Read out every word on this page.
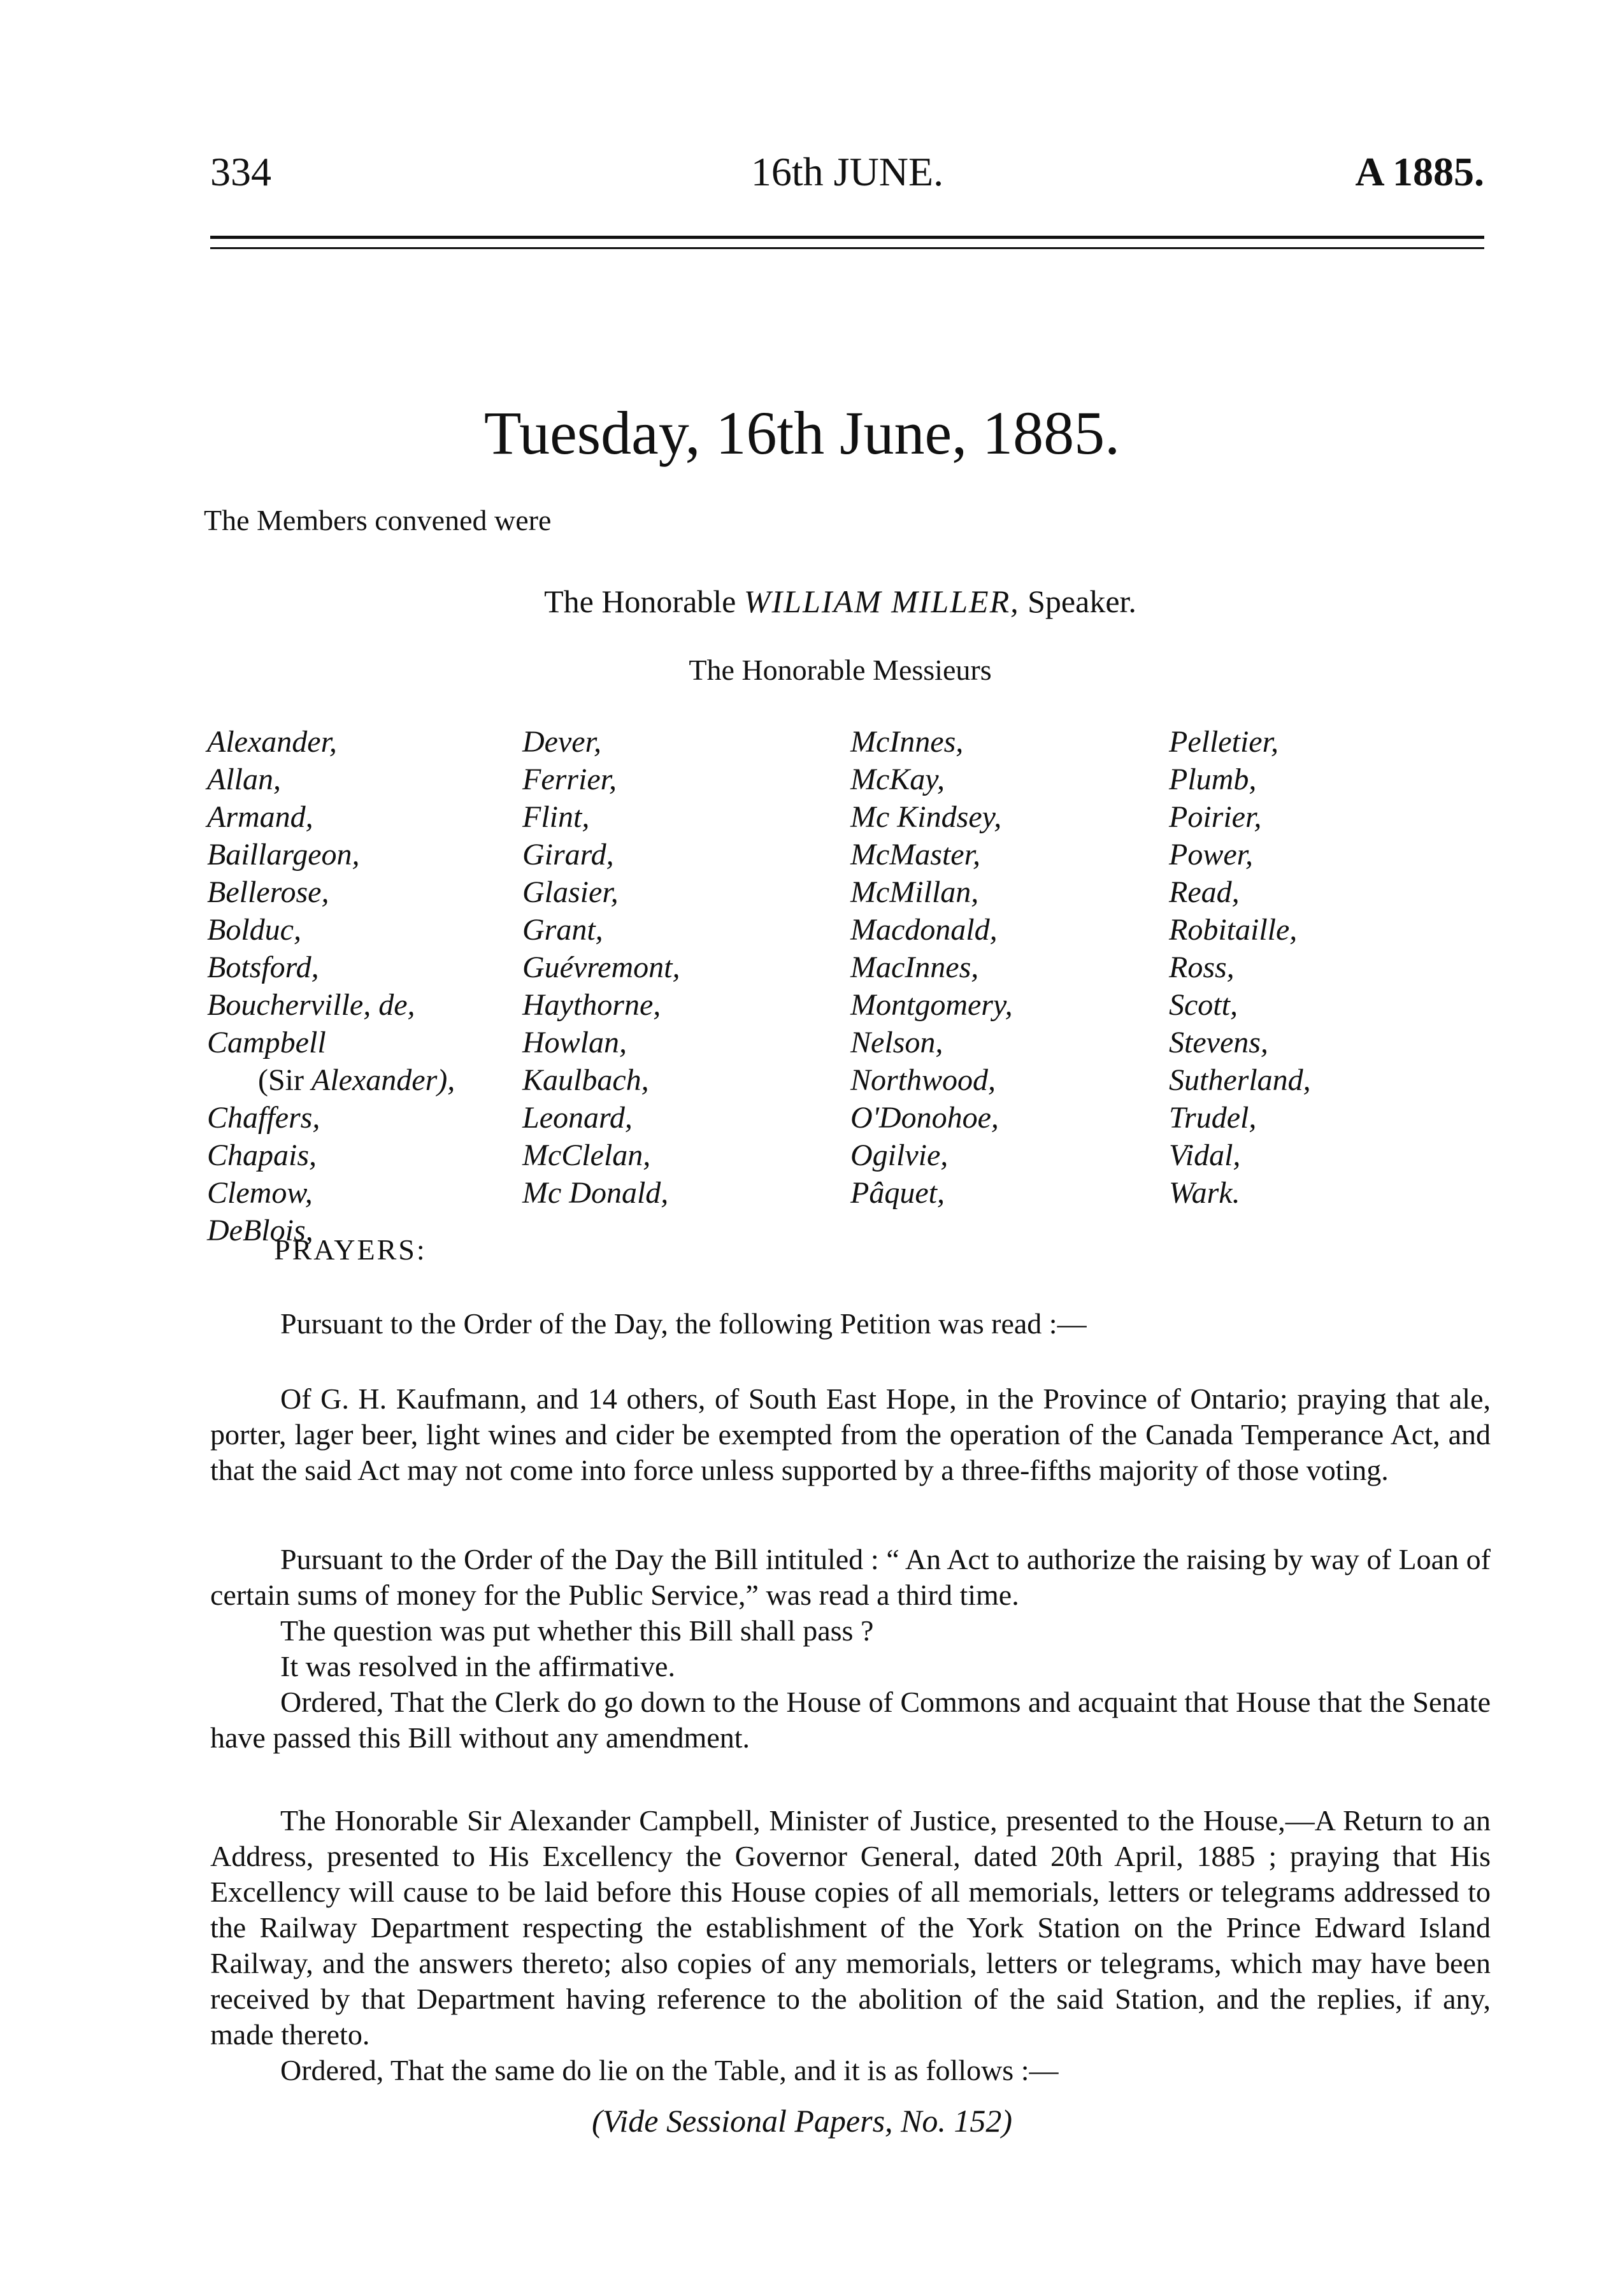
334	16th JUNE.	A 1885.
Tuesday, 16th June, 1885.
The Members convened were
The Honorable WILLIAM MILLER, Speaker.
The Honorable Messieurs
Alexander,
Allan,
Armand,
Baillargeon,
Bellerose,
Bolduc,
Botsford,
Boucherville, de,
Campbell
(Sir Alexander),
Chaffers,
Chapais,
Clemow,
DeBlois,
Dever,
Ferrier,
Flint,
Girard,
Glasier,
Grant,
Guévremont,
Haythorne,
Howlan,
Kaulbach,
Leonard,
McClelan,
Mc Donald,
McInnes,
McKay,
Mc Kindsey,
McMaster,
McMillan,
Macdonald,
MacInnes,
Montgomery,
Nelson,
Northwood,
O'Donohoe,
Ogilvie,
Pâquet,
Pelletier,
Plumb,
Poirier,
Power,
Read,
Robitaille,
Ross,
Scott,
Stevens,
Sutherland,
Trudel,
Vidal,
Wark.
PRAYERS:

Pursuant to the Order of the Day, the following Petition was read :—

Of G. H. Kaufmann, and 14 others, of South East Hope, in the Province of Ontario; praying that ale, porter, lager beer, light wines and cider be exempted from the operation of the Canada Temperance Act, and that the said Act may not come into force unless supported by a three-fifths majority of those voting.

Pursuant to the Order of the Day the Bill intituled : “ An Act to authorize the raising by way of Loan of certain sums of money for the Public Service,” was read a third time.

The question was put whether this Bill shall pass ?

It was resolved in the affirmative.

Ordered, That the Clerk do go down to the House of Commons and acquaint that House that the Senate have passed this Bill without any amendment.

The Honorable Sir Alexander Campbell, Minister of Justice, presented to the House,—A Return to an Address, presented to His Excellency the Governor General, dated 20th April, 1885 ; praying that His Excellency will cause to be laid before this House copies of all memorials, letters or telegrams addressed to the Railway Department respecting the establishment of the York Station on the Prince Edward Island Railway, and the answers thereto; also copies of any memorials, letters or telegrams, which may have been received by that Department having reference to the abolition of the said Station, and the replies, if any, made thereto.

Ordered, That the same do lie on the Table, and it is as follows :—

(Vide Sessional Papers, No. 152)
